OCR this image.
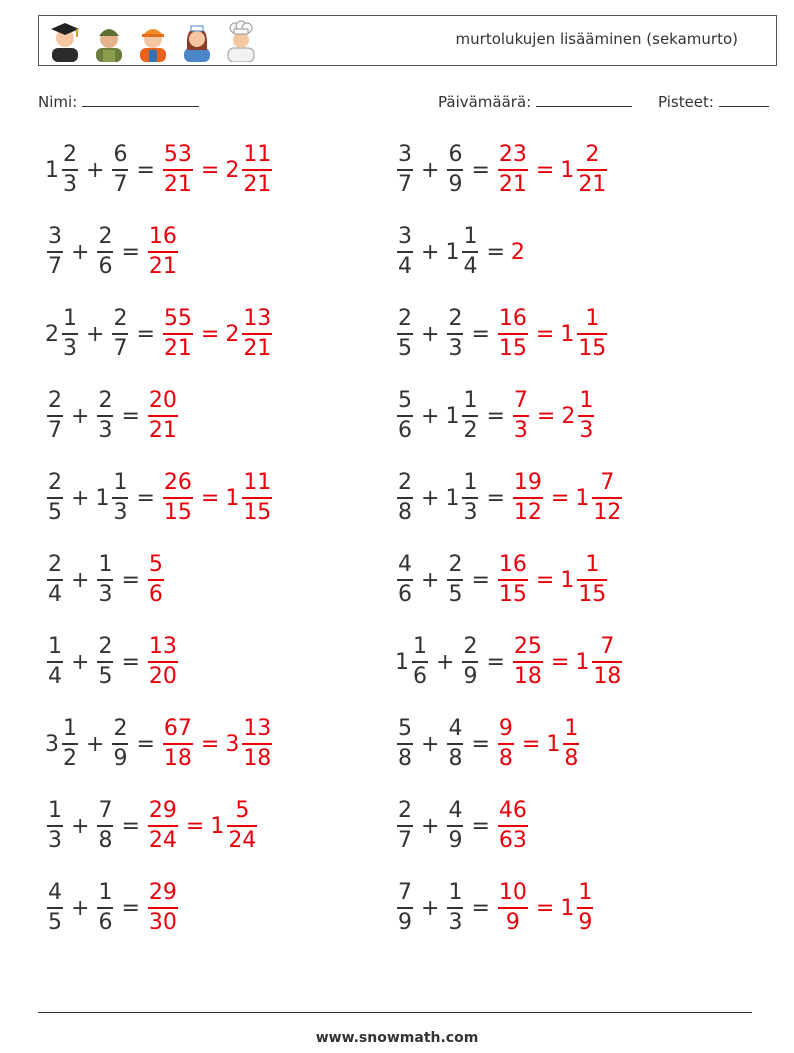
murtolukujen lisääminen (sekamurto)
Nimi:	Päivämäärä:	Pisteet:
$1 \frac{2}{3} + \frac{6}{7} = \frac{53}{21} = 2 \frac{11}{21}$	$\frac{3}{7} + \frac{6}{9} = \frac{23}{21} = 1 \frac{2}{21}$
$\frac{3}{7} + \frac{2}{6} = \frac{16}{21}$	$\frac{3}{4} + 1 \frac{1}{4} = 2$
$2 \frac{1}{3} + \frac{2}{7} = \frac{55}{21} = 2 \frac{13}{21}$	$\frac{2}{5} + \frac{2}{3} = \frac{16}{15} = 1 \frac{1}{15}$
$\frac{2}{7} + \frac{2}{3} = \frac{20}{21}$	$\frac{5}{6} + 1 \frac{1}{2} = \frac{7}{3} = 2 \frac{1}{3}$
$\frac{2}{5} + 1 \frac{1}{3} = \frac{26}{15} = 1 \frac{11}{15}$	$\frac{2}{8} + 1 \frac{1}{3} = \frac{19}{12} = 1 \frac{7}{12}$
$\frac{2}{4} + \frac{1}{3} = \frac{5}{6}$	$\frac{4}{6} + \frac{2}{5} = \frac{16}{15} = 1 \frac{1}{15}$
$\frac{1}{4} + \frac{2}{5} = \frac{13}{20}$	$1 \frac{1}{6} + \frac{2}{9} = \frac{25}{18} = 1 \frac{7}{18}$
$3 \frac{1}{2} + \frac{2}{9} = \frac{67}{18} = 3 \frac{13}{18}$	$\frac{5}{8} + \frac{4}{8} = \frac{9}{8} = 1 \frac{1}{8}$
$\frac{1}{3} + \frac{7}{8} = \frac{29}{24} = 1 \frac{5}{24}$	$\frac{2}{7} + \frac{4}{9} = \frac{46}{63}$
$\frac{4}{5} + \frac{1}{6} = \frac{29}{30}$	$\frac{7}{9} + \frac{1}{3} = \frac{10}{9} = 1 \frac{1}{9}$
www.snowmath.com
